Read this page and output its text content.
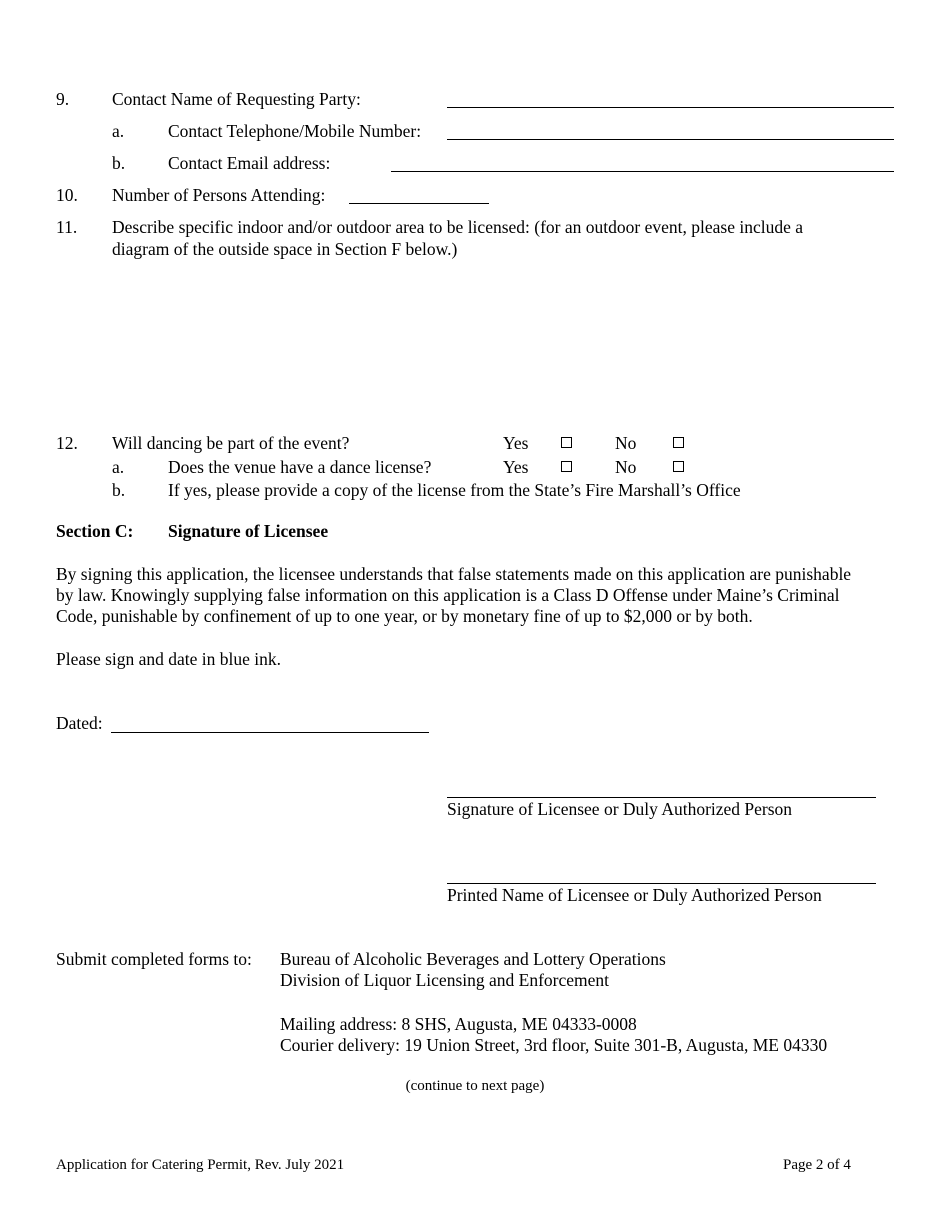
9. Contact Name of Requesting Party:
a.	Contact Telephone/Mobile Number:
b. Contact Email address:
10. Number of Persons Attending:
11. Describe specific indoor and/or outdoor area to be licensed: (for an outdoor event, please include a
diagram of the outside space in Section F below.)
12. Will dancing be part of the event?	Yes	No
a.	Does the venue have a dance license?	Yes	No
b. If yes, please provide a copy of the license from the State’s Fire Marshall’s Office
Section C: Signature of Licensee
By signing this application, the licensee understands that false statements made on this application are punishable
by law. Knowingly supplying false information on this application is a Class D Offense under Maine’s Criminal
Code, punishable by confinement of up to one year, or by monetary fine of up to $2,000 or by both.
Please sign and date in blue ink.
Dated:
Signature of Licensee or Duly Authorized Person
Printed Name of Licensee or Duly Authorized Person
Submit completed forms to: Bureau of Alcoholic Beverages and Lottery Operations
Division of Liquor Licensing and Enforcement
Mailing address: 8 SHS, Augusta, ME 04333-0008
Courier delivery: 19 Union Street, 3rd floor, Suite 301-B, Augusta, ME 04330
(continue to next page)
Application for Catering Permit, Rev. July 2021	Page 2 of 4
